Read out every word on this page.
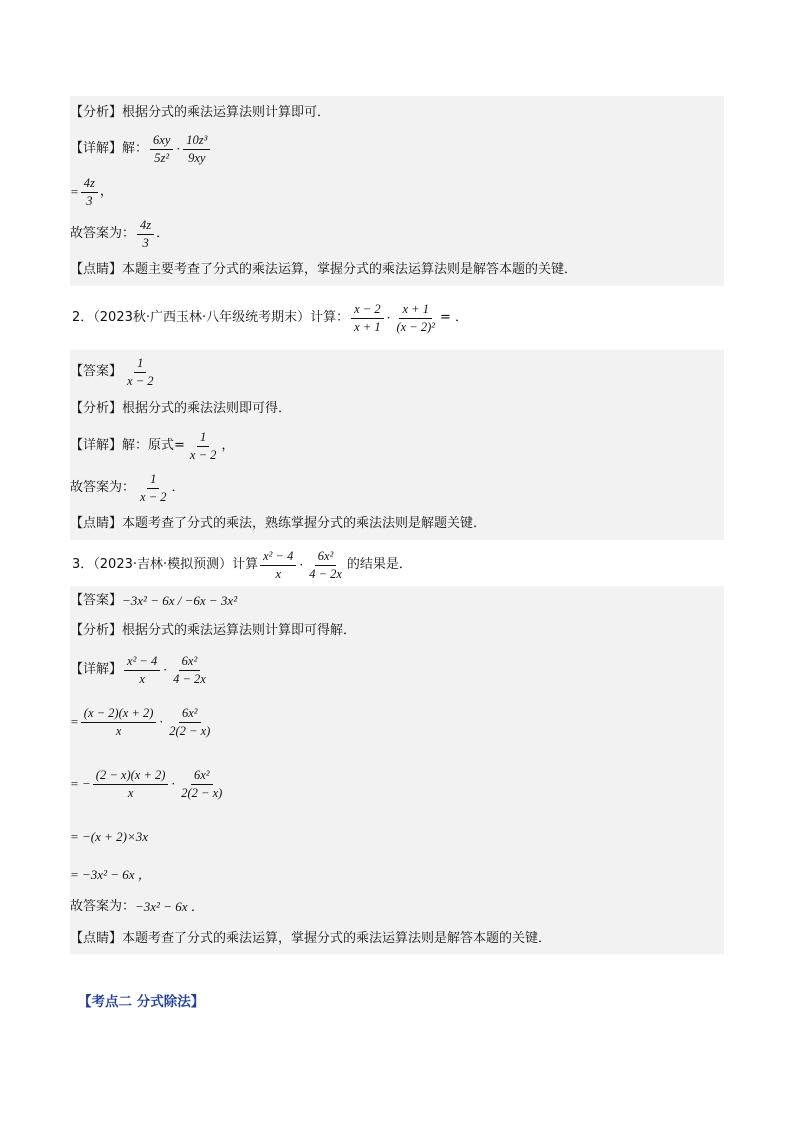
【分析】 根据分式的乘法运算法则计算即可．
【详解】 解：
6xy
5z²
·
10z³
9xy
= $\frac{4z}{3}$ ，
故答案为：
4z
3
．
【点睛】 本题主要考查了分式的乘法运算，掌握分式的乘法运算法则是解答本题的关键．
2．（2023秋·广西玉林·八年级统考期末）计算：
x − 2
x + 1
· $\frac{x + 1}{\text{(x − 2)²}}$ = ．
【答案】
1
x − 2
【分析】 根据分式的乘法法则即可得．
【详解】 解：原式= $\frac{1}{x - 2}$ ，
故答案为：
1
x − 2
．
【点睛】 本题考查了分式的乘法，熟练掌握分式的乘法法则是解题关键．
3．（2023·吉林·模拟预测）计算
x² − 4
x
·
6x²
4 − 2x
的结果是．
【答案】 −3x² − 6x / −6x − 3x²
【分析】 根据分式的乘法运算法则计算即可得解．
【详解】
x² − 4
x
·
6x²
4 − 2x
= $\frac{(x - 2)(x + 2)}{x}$ ·
6x²
2(2 − x)
= − $\frac{(2 - x)(x + 2)}{x}$ ·
6x²
2(2 − x)
= −(x + 2)×3x
= −3x² − 6x ，
故答案为： −3x² − 6x ．
【点睛】 本题考查了分式的乘法运算，掌握分式的乘法运算法则是解答本题的关键．
【考点二 分式除法】
